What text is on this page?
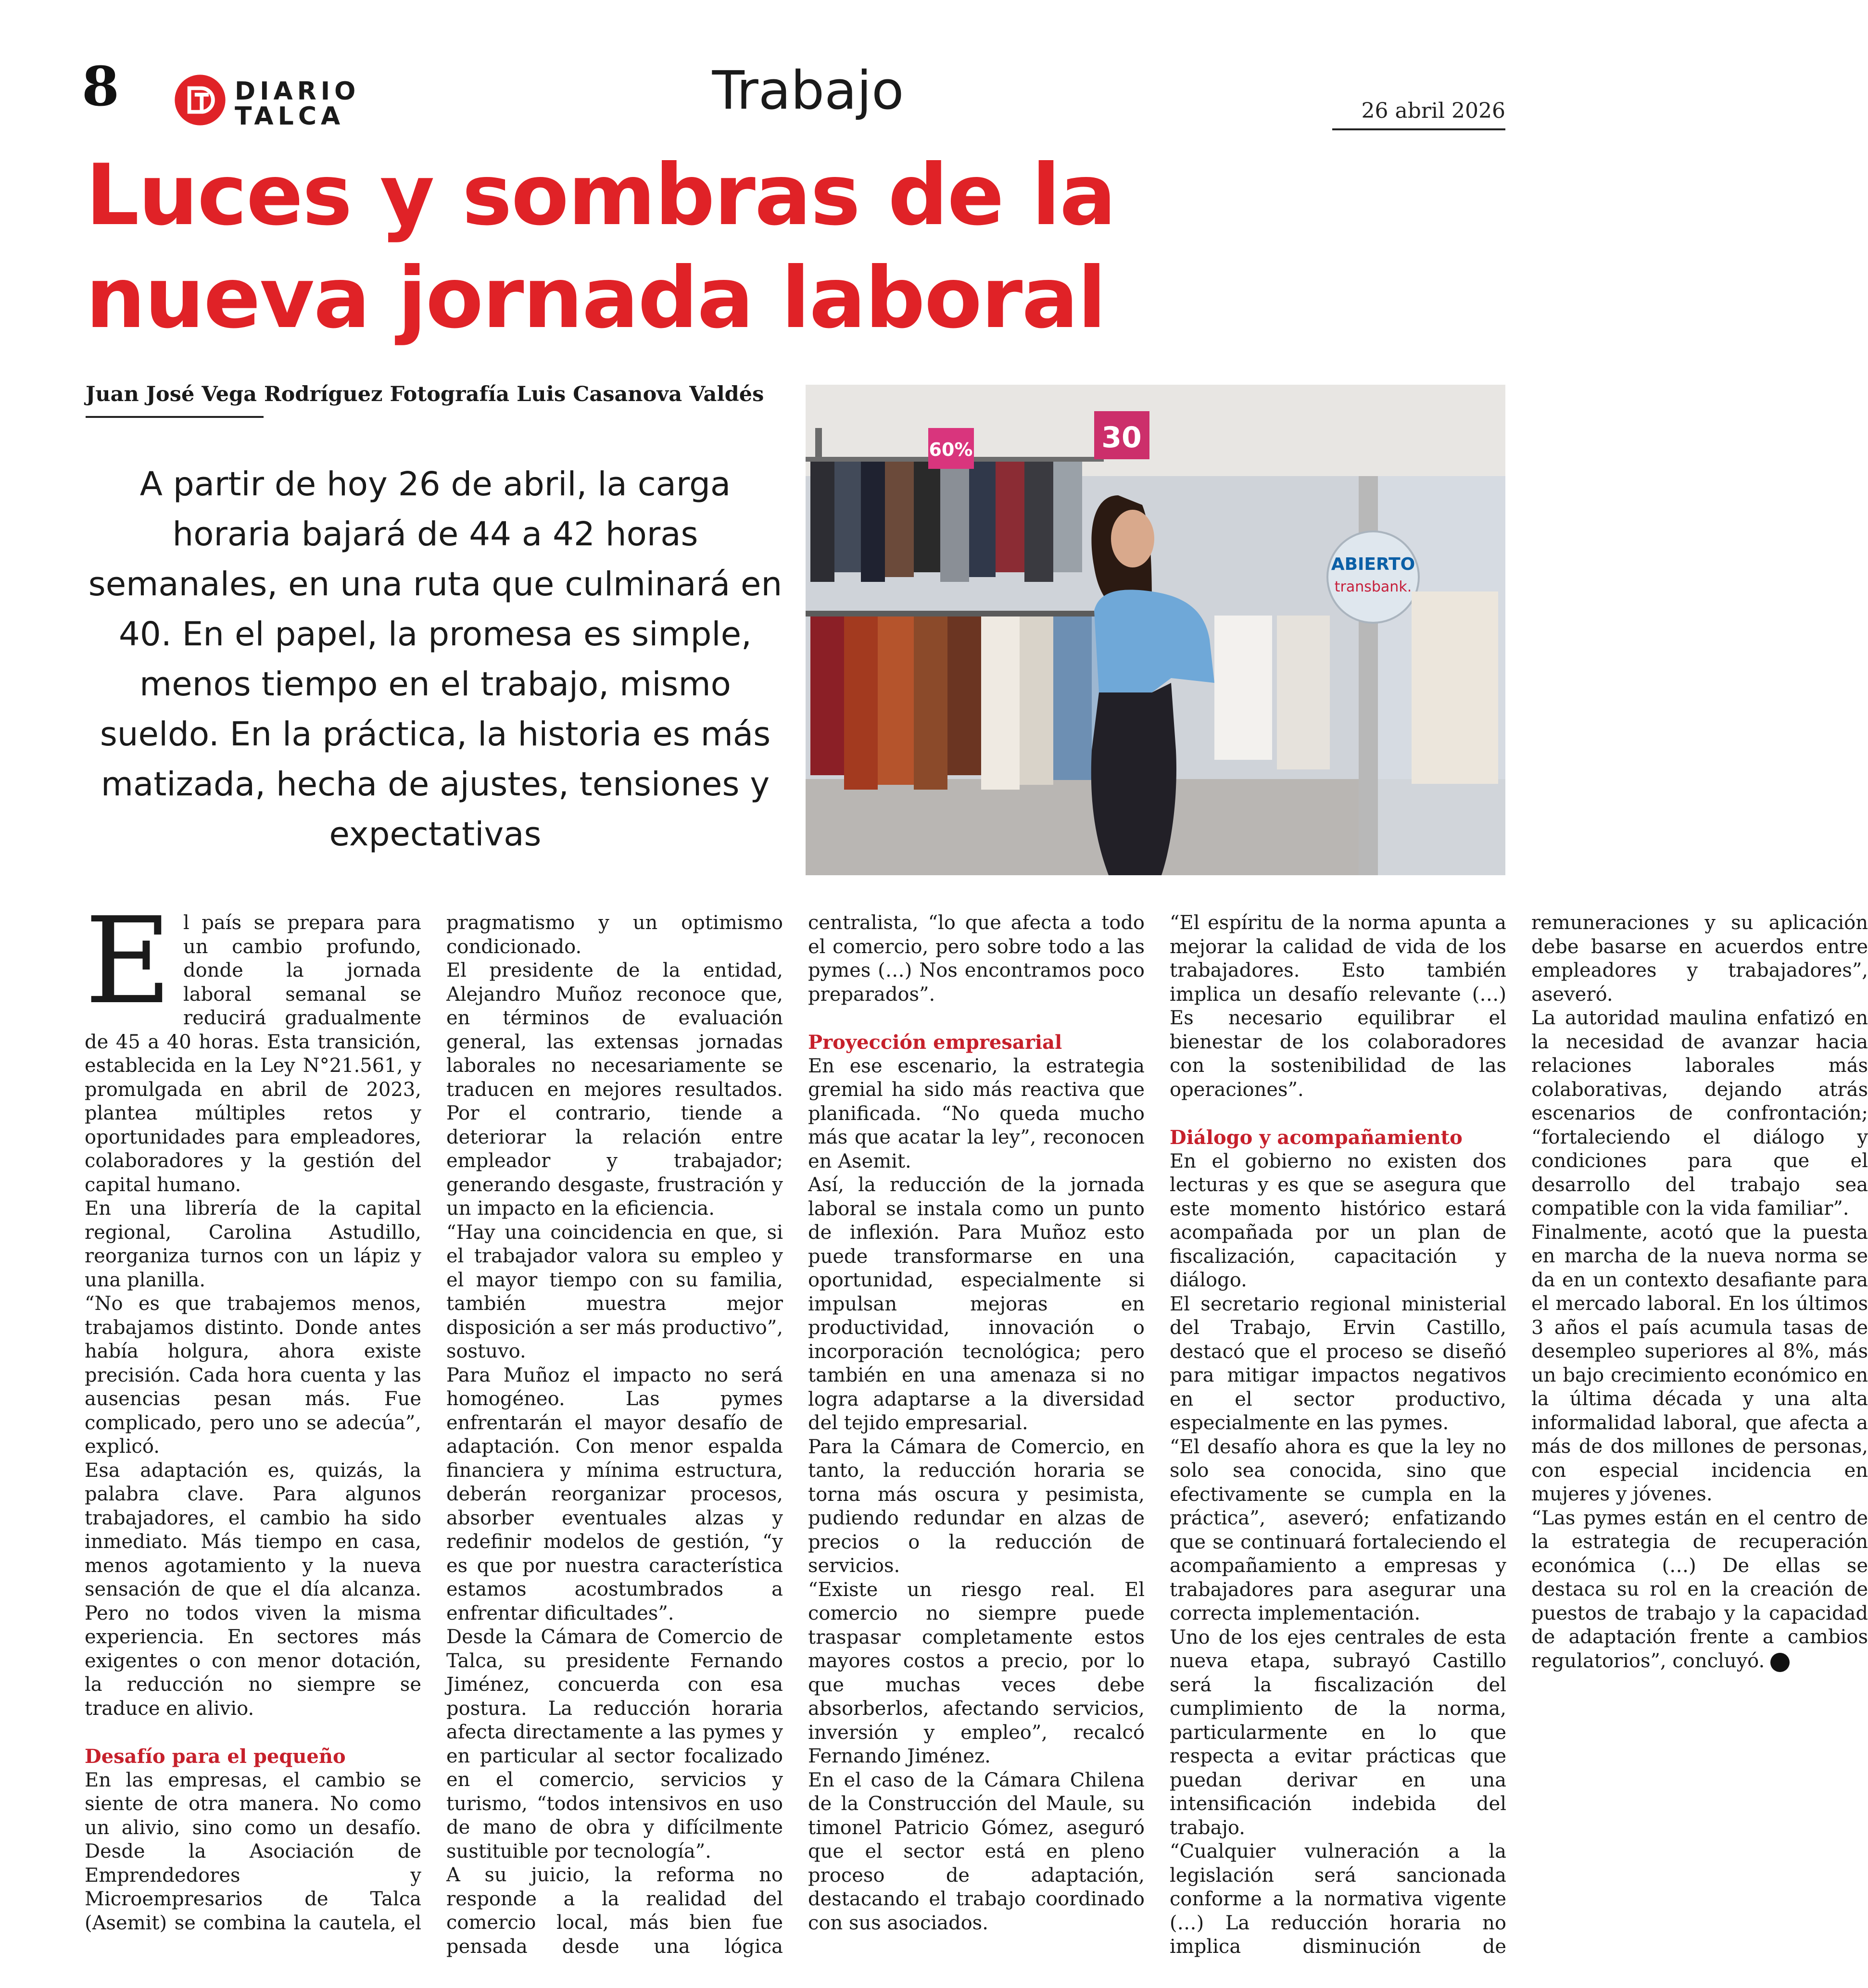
8	DIARIO
TALCA	Trabajo	26 abril 2026
Luces y sombras de la nueva jornada laboral
Juan José Vega Rodríguez Fotografía Luis Casanova Valdés
A partir de hoy 26 de abril, la carga horaria bajará de 44 a 42 horas semanales, en una ruta que culminará en 40. En el papel, la promesa es simple, menos tiempo en el trabajo, mismo sueldo. En la práctica, la historia es más matizada, hecha de ajustes, tensiones y expectativas
60%	30
ABIERTO
transbank.

El país se prepara para un cambio profundo, donde la jornada laboral semanal se reducirá gradualmente de 45 a 40 horas. Esta transición, establecida en la Ley N°21.561, y promulgada en abril de 2023, plantea múltiples retos y oportunidades para empleadores, colaboradores y la gestión del capital humano.

En una librería de la capital regional, Carolina Astudillo, reorganiza turnos con un lápiz y una planilla.

“No es que trabajemos menos, trabajamos distinto. Donde antes había holgura, ahora existe precisión. Cada hora cuenta y las ausencias pesan más. Fue complicado, pero uno se adecúa”, explicó.

Esa adaptación es, quizás, la palabra clave. Para algunos trabajadores, el cambio ha sido inmediato. Más tiempo en casa, menos agotamiento y la nueva sensación de que el día alcanza. Pero no todos viven la misma experiencia. En sectores más exigentes o con menor dotación, la reducción no siempre se traduce en alivio.

Desafío para el pequeño

En las empresas, el cambio se siente de otra manera. No como un alivio, sino como un desafío. Desde la Asociación de Emprendedores y Microempresarios de Talca (Asemit) se combina la cautela, el pragmatismo y un optimismo condicionado.

El presidente de la entidad, Alejandro Muñoz reconoce que, en términos de evaluación general, las extensas jornadas laborales no necesariamente se traducen en mejores resultados. Por el contrario, tiende a deteriorar la relación entre empleador y trabajador; generando desgaste, frustración y un impacto en la eficiencia.

“Hay una coincidencia en que, si el trabajador valora su empleo y el mayor tiempo con su familia, también muestra mejor disposición a ser más productivo”, sostuvo.

Para Muñoz el impacto no será homogéneo. Las pymes enfrentarán el mayor desafío de adaptación. Con menor espalda financiera y mínima estructura, deberán reorganizar procesos, absorber eventuales alzas y redefinir modelos de gestión, “y es que por nuestra característica estamos acostumbrados a enfrentar dificultades”.

Desde la Cámara de Comercio de Talca, su presidente Fernando Jiménez, concuerda con esa postura. La reducción horaria afecta directamente a las pymes y en particular al sector focalizado en el comercio, servicios y turismo, “todos intensivos en uso de mano de obra y difícilmente sustituible por tecnología”.

A su juicio, la reforma no responde a la realidad del comercio local, más bien fue pensada desde una lógica centralista, “lo que afecta a todo el comercio, pero sobre todo a las pymes (…) Nos encontramos poco preparados”.

Proyección empresarial

En ese escenario, la estrategia gremial ha sido más reactiva que planificada. “No queda mucho más que acatar la ley”, reconocen en Asemit.

Así, la reducción de la jornada laboral se instala como un punto de inflexión. Para Muñoz esto puede transformarse en una oportunidad, especialmente si impulsan mejoras en productividad, innovación o incorporación tecnológica; pero también en una amenaza si no logra adaptarse a la diversidad del tejido empresarial.

Para la Cámara de Comercio, en tanto, la reducción horaria se torna más oscura y pesimista, pudiendo redundar en alzas de precios o la reducción de servicios.

“Existe un riesgo real. El comercio no siempre puede traspasar completamente estos mayores costos a precio, por lo que muchas veces debe absorberlos, afectando servicios, inversión y empleo”, recalcó Fernando Jiménez.

En el caso de la Cámara Chilena de la Construcción del Maule, su timonel Patricio Gómez, aseguró que el sector está en pleno proceso de adaptación, destacando el trabajo coordinado con sus asociados.

“El espíritu de la norma apunta a mejorar la calidad de vida de los trabajadores. Esto también implica un desafío relevante (…) Es necesario equilibrar el bienestar de los colaboradores con la sostenibilidad de las operaciones”.

Diálogo y acompañamiento

En el gobierno no existen dos lecturas y es que se asegura que este momento histórico estará acompañada por un plan de fiscalización, capacitación y diálogo.

El secretario regional ministerial del Trabajo, Ervin Castillo, destacó que el proceso se diseñó para mitigar impactos negativos en el sector productivo, especialmente en las pymes.

“El desafío ahora es que la ley no solo sea conocida, sino que efectivamente se cumpla en la práctica”, aseveró; enfatizando que se continuará fortaleciendo el acompañamiento a empresas y trabajadores para asegurar una correcta implementación.

Uno de los ejes centrales de esta nueva etapa, subrayó Castillo será la fiscalización del cumplimiento de la norma, particularmente en lo que respecta a evitar prácticas que puedan derivar en una intensificación indebida del trabajo.

“Cualquier vulneración a la legislación será sancionada conforme a la normativa vigente (…) La reducción horaria no implica disminución de remuneraciones y su aplicación debe basarse en acuerdos entre empleadores y trabajadores”, aseveró.

La autoridad maulina enfatizó en la necesidad de avanzar hacia relaciones laborales más colaborativas, dejando atrás escenarios de confrontación; “fortaleciendo el diálogo y condiciones para que el desarrollo del trabajo sea compatible con la vida familiar”.

Finalmente, acotó que la puesta en marcha de la nueva norma se da en un contexto desafiante para el mercado laboral. En los últimos 3 años el país acumula tasas de desempleo superiores al 8%, más un bajo crecimiento económico en la última década y una alta informalidad laboral, que afecta a más de dos millones de personas, con especial incidencia en mujeres y jóvenes.

“Las pymes están en el centro de la estrategia de recuperación económica (…) De ellas se destaca su rol en la creación de puestos de trabajo y la capacidad de adaptación frente a cambios regulatorios”, concluyó.
